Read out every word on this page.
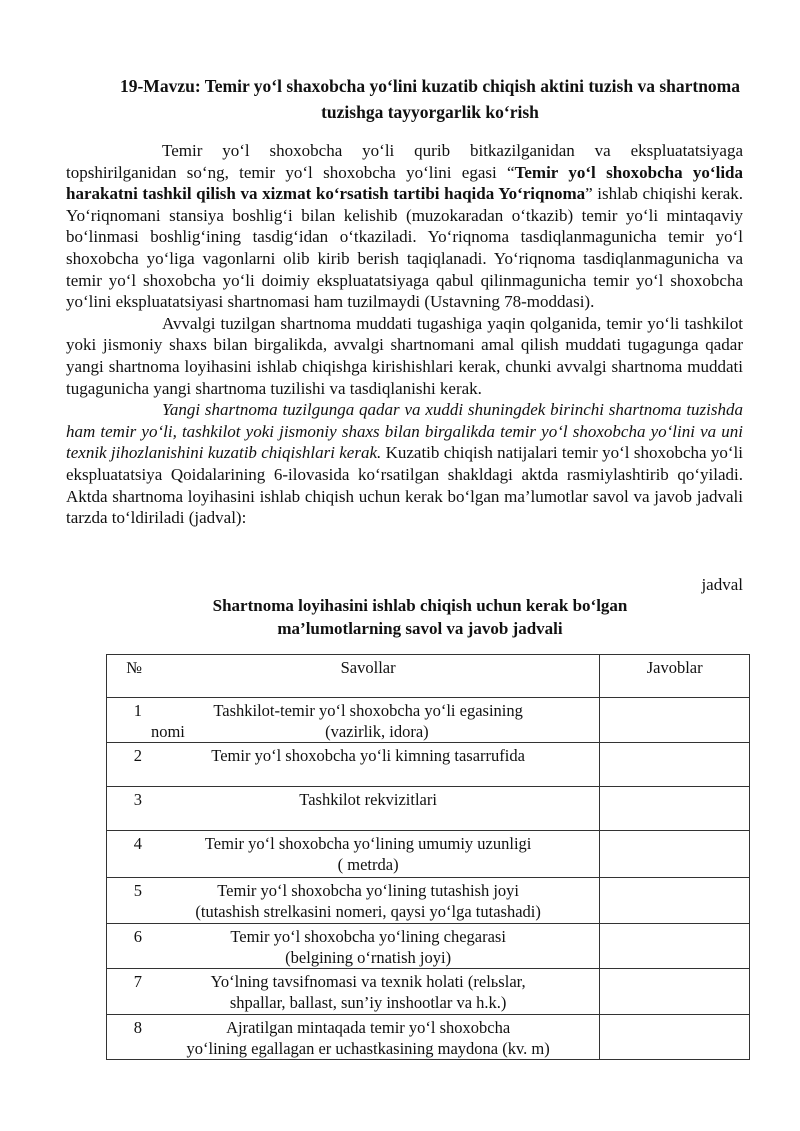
19-Mavzu: Temir yo‘l shaxobcha yo‘lini kuzatib chiqish aktini tuzish va shartnoma tuzishga tayyorgarlik ko‘rish

Temir yo‘l shoxobcha yo‘li qurib bitkazilganidan va ekspluatatsiyaga topshirilganidan so‘ng, temir yo‘l shoxobcha yo‘lini egasi “Temir yo‘l shoxobcha yo‘lida harakatni tashkil qilish va xizmat ko‘rsatish tartibi haqida Yo‘riqnoma” ishlab chiqishi kerak. Yo‘riqnomani stansiya boshlig‘i bilan kelishib (muzokaradan o‘tkazib) temir yo‘li mintaqaviy bo‘linmasi boshlig‘ining tasdig‘idan o‘tkaziladi. Yo‘riqnoma tasdiqlanmagunicha temir yo‘l shoxobcha yo‘liga vagonlarni olib kirib berish taqiqlanadi. Yo‘riqnoma tasdiqlanmagunicha va temir yo‘l shoxobcha yo‘li doimiy ekspluatatsiyaga qabul qilinmagunicha temir yo‘l shoxobcha yo‘lini ekspluatatsiyasi shartnomasi ham tuzilmaydi (Ustavning 78-moddasi).

Avvalgi tuzilgan shartnoma muddati tugashiga yaqin qolganida, temir yo‘li tashkilot yoki jismoniy shaxs bilan birgalikda, avvalgi shartnomani amal qilish muddati tugagunga qadar yangi shartnoma loyihasini ishlab chiqishga kirishishlari kerak, chunki avvalgi shartnoma muddati tugagunicha yangi shartnoma tuzilishi va tasdiqlanishi kerak.

Yangi shartnoma tuzilgunga qadar va xuddi shuningdek birinchi shartnoma tuzishda ham temir yo‘li, tashkilot yoki jismoniy shaxs bilan birgalikda temir yo‘l shoxobcha yo‘lini va uni texnik jihozlanishini kuzatib chiqishlari kerak. Kuzatib chiqish natijalari temir yo‘l shoxobcha yo‘li ekspluatatsiya Qoidalarining 6-ilovasida ko‘rsatilgan shakldagi aktda rasmiylashtirib qo‘yiladi. Aktda shartnoma loyihasini ishlab chiqish uchun kerak bo‘lgan ma’lumotlar savol va javob jadvali tarzda to‘ldiriladi (jadval):

jadval
Shartnoma loyihasini ishlab chiqish uchun kerak bo‘lgan
ma’lumotlarning savol va javob jadvali
№	Savollar	Javoblar

1	Tashkilot-temir yo‘l shoxobcha yo‘li egasining
nomi                                  (vazirlik, idora)	

2	Temir yo‘l shoxobcha yo‘li kimning tasarrufida	

3	Tashkilot rekvizitlari	

4	Temir yo‘l shoxobcha yo‘lining umumiy uzunligi
( metrda)	

5	Temir yo‘l shoxobcha yo‘lining tutashish joyi
(tutashish strelkasini nomeri, qaysi yo‘lga tutashadi)	

6	Temir yo‘l shoxobcha yo‘lining chegarasi
(belgining o‘rnatish joyi)	

7	Yo‘lning tavsifnomasi va texnik holati (relьslar,
shpallar, ballast, sun’iy inshootlar va h.k.)	

8	Ajratilgan mintaqada temir yo‘l shoxobcha
yo‘lining egallagan er uchastkasining maydona (kv. m)	
